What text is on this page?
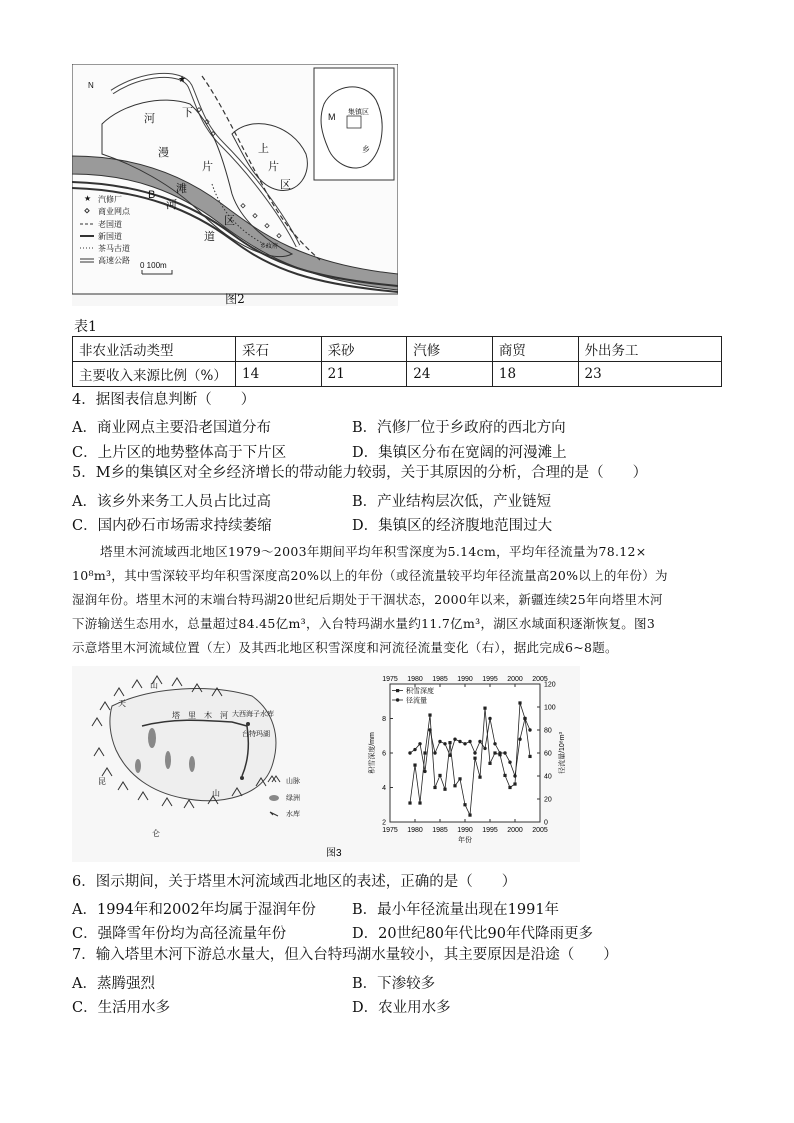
★
★
N
河
漫
滩
下
片
区
上
片
区
B
河
道
乡政府
M 集镇区
乡
汽修厂
商业网点
老国道
新国道
茶马古道
高速公路
0 100m
图2
表1
非农业活动类型	采石	采砂	汽修	商贸	外出务工
主要收入来源比例（%）	14	21	24	18	23
4．据图表信息判断（　　）
A．商业网点主要沿老国道分布	B．汽修厂位于乡政府的西北方向
C．上片区的地势整体高于下片区	D．集镇区分布在宽阔的河漫滩上
5．M乡的集镇区对全乡经济增长的带动能力较弱，关于其原因的分析，合理的是（　　）
A．该乡外来务工人员占比过高	B．产业结构层次低，产业链短
C．国内砂石市场需求持续萎缩	D．集镇区的经济腹地范围过大
塔里木河流域西北地区1979～2003年期间平均年积雪深度为5.14cm，平均年径流量为78.12×
10⁸m³，其中雪深较平均年积雪深度高20%以上的年份（或径流量较平均年径流量高20%以上的年份）为
湿润年份。塔里木河的末端台特玛湖20世纪后期处于干涸状态，2000年以来，新疆连续25年向塔里木河
下游输送生态用水，总量超过84.45亿m³，入台特玛湖水量约11.7亿m³，湖区水域面积逐渐恢复。图3
示意塔里木河流域位置（左）及其西北地区积雪深度和河流径流量变化（右），据此完成6~8题。
天
山
塔　里　木　河 大西海子水库
台特玛湖
昆
仑
山
山脉
绿洲
水库
1975
1975
1980
1980
1985
1985
1990
1990
1995
1995
2000
2000
2005
2005
2
4
6
8
0
20
40
60
80
100
120
年份
积雪深度/mm	径流量/10⁸m³
积雪深度
径流量
图3
6．图示期间，关于塔里木河流域西北地区的表述，正确的是（　　）
A．1994年和2002年均属于湿润年份 B．最小年径流量出现在1991年
C．强降雪年份均为高径流量年份	D．20世纪80年代比90年代降雨更多
7．输入塔里木河下游总水量大，但入台特玛湖水量较小，其主要原因是沿途（　　）
A．蒸腾强烈	B．下渗较多
C．生活用水多	D．农业用水多
